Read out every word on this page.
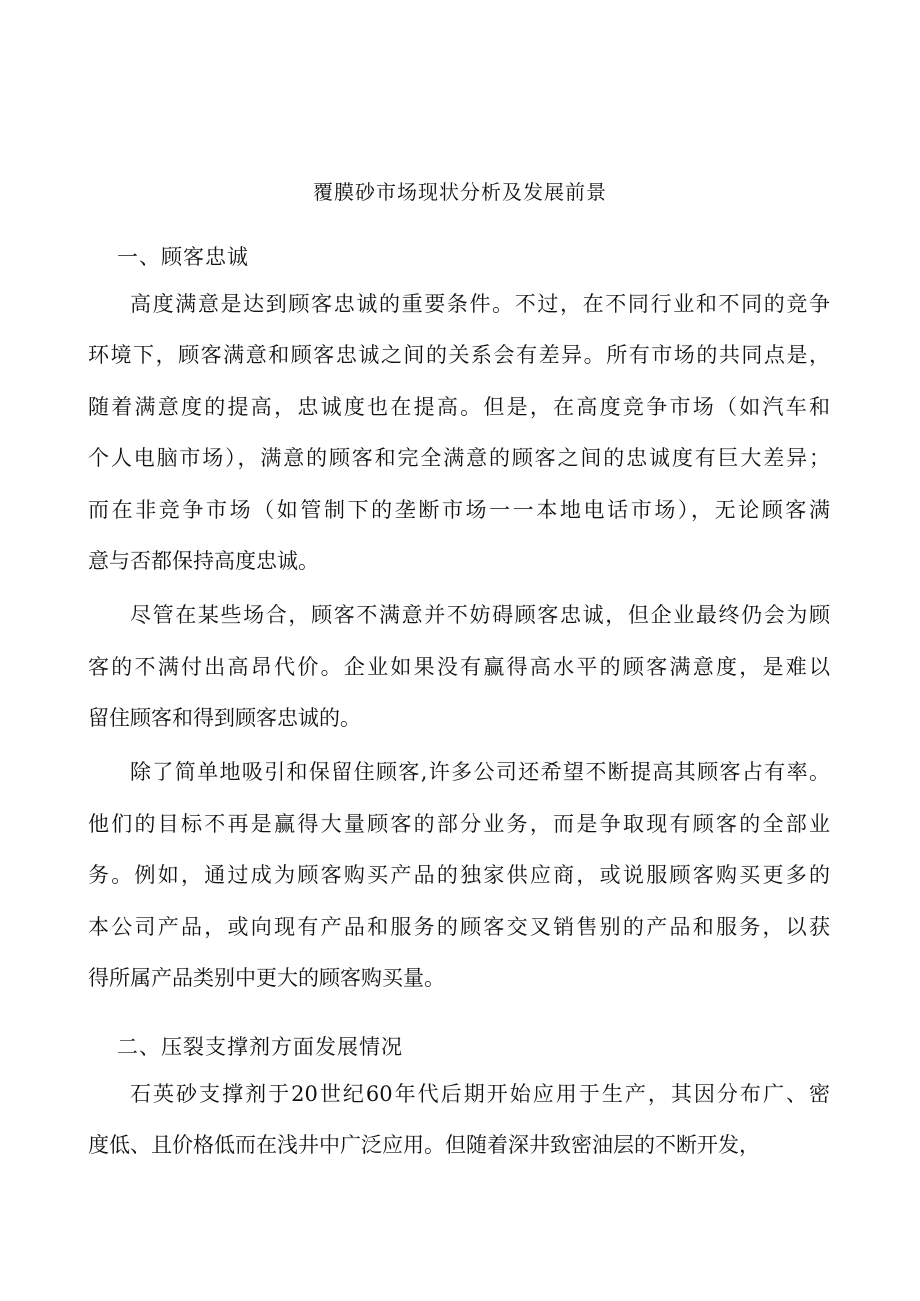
覆膜砂市场现状分析及发展前景
一、顾客忠诚
高度满意是达到顾客忠诚的重要条件。不过，在不同行业和不同的竞争
环境下，顾客满意和顾客忠诚之间的关系会有差异。所有市场的共同点是，
随着满意度的提高，忠诚度也在提高。但是，在高度竞争市场（如汽车和
个人电脑市场），满意的顾客和完全满意的顾客之间的忠诚度有巨大差异；
而在非竞争市场（如管制下的垄断市场一一本地电话市场），无论顾客满
意与否都保持高度忠诚。
尽管在某些场合，顾客不满意并不妨碍顾客忠诚，但企业最终仍会为顾
客的不满付出高昂代价。企业如果没有赢得高水平的顾客满意度，是难以
留住顾客和得到顾客忠诚的。
除了简单地吸引和保留住顾客,许多公司还希望不断提高其顾客占有率。
他们的目标不再是赢得大量顾客的部分业务，而是争取现有顾客的全部业
务。例如，通过成为顾客购买产品的独家供应商，或说服顾客购买更多的
本公司产品，或向现有产品和服务的顾客交叉销售别的产品和服务，以获
得所属产品类别中更大的顾客购买量。
二、压裂支撑剂方面发展情况
石英砂支撑剂于20世纪60年代后期开始应用于生产，其因分布广、密
度低、且价格低而在浅井中广泛应用。但随着深井致密油层的不断开发，
